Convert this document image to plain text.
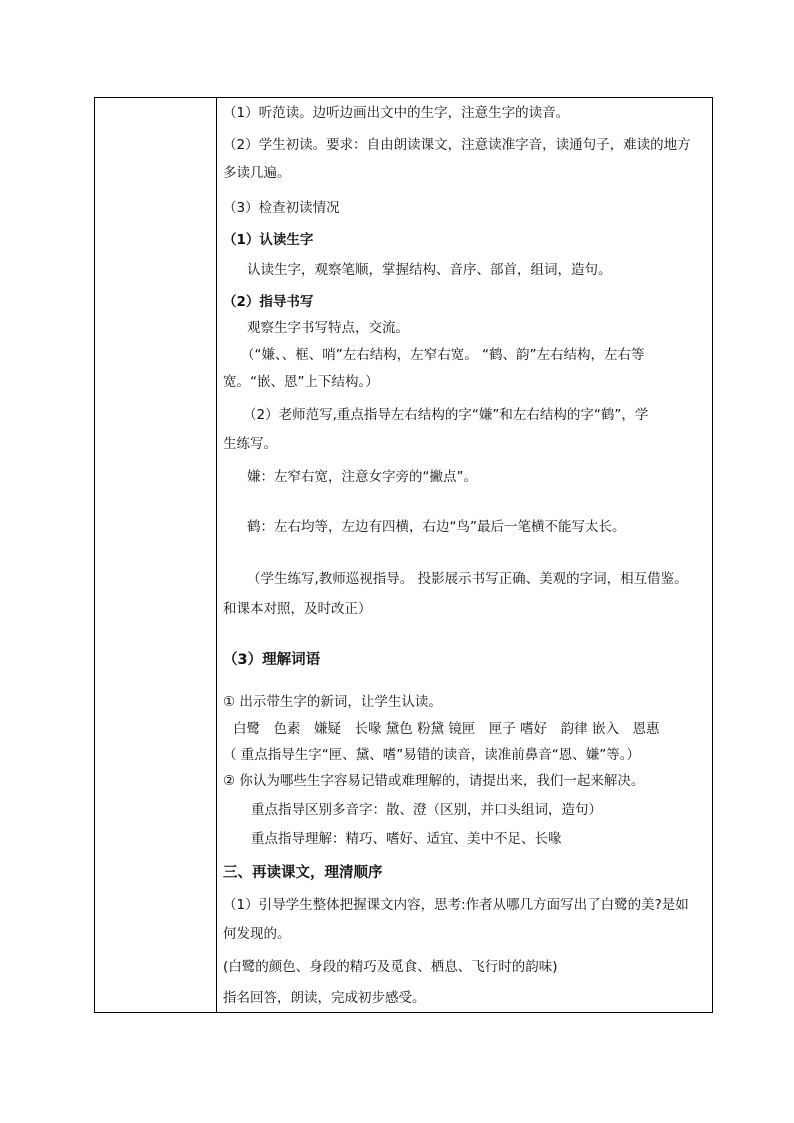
（1）听范读。边听边画出文中的生字，注意生字的读音。
（2）学生初读。要求：自由朗读课文，注意读准字音，读通句子，难读的地方
多读几遍。
（3）检查初读情况
（1）认读生字
认读生字，观察笔顺，掌握结构、音序、部首，组词，造句。
（2）指导书写
观察生字书写特点，交流。
（“嫌、、框、哨”左右结构，左窄右宽。 “鹤、韵”左右结构，左右等
宽。“嵌、恩”上下结构。）
（2）老师范写,重点指导左右结构的字“嫌”和左右结构的字“鹤”，学
生练写。
嫌：左窄右宽，注意女字旁的“撇点”。
鹤：左右均等，左边有四横，右边“鸟”最后一笔横不能写太长。
（学生练写,教师巡视指导。 投影展示书写正确、美观的字词，相互借鉴。
和课本对照，及时改正）
（3）理解词语
① 出示带生字的新词，让学生认读。
白鹭　色素　嫌疑　长喙 黛色 粉黛 镜匣　匣子 嗜好　韵律 嵌入　恩惠
（ 重点指导生字“匣、黛、嗜”易错的读音，读准前鼻音“恩、嫌”等。）
② 你认为哪些生字容易记错或难理解的，请提出来，我们一起来解决。
重点指导区别多音字：散、澄（区别，并口头组词，造句）
重点指导理解：精巧、嗜好、适宜、美中不足、长喙
三、再读课文，理清顺序
（1）引导学生整体把握课文内容，思考:作者从哪几方面写出了白鹭的美?是如
何发现的。
(白鹭的颜色、身段的精巧及觅食、栖息、飞行时的韵味)
指名回答，朗读，完成初步感受。
